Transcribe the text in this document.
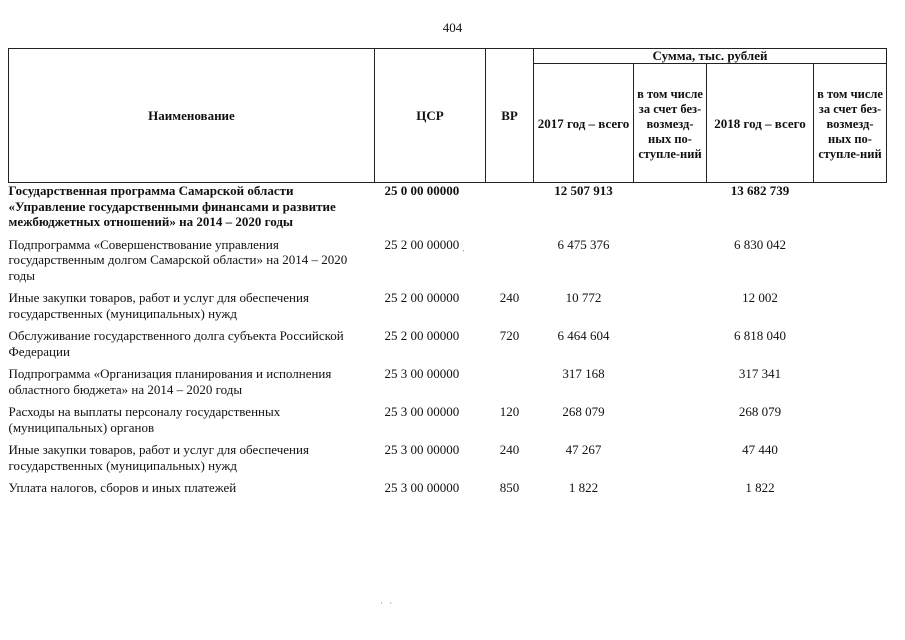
404
Наименование	ЦСР	ВР	Сумма, тыс. рублей			
			2017 год – всего	в том числе за счет без-возмезд-ных по-ступле-ний	2018 год – всего	в том числе за счет без-возмезд-ных по-ступле-ний
Государственная программа Самарской области «Управление государственными финансами и развитие межбюджетных отношений» на 2014 – 2020 годы	25 0 00 00000		12 507 913		13 682 739	

Подпрограмма «Совершенствование управления государственным долгом Самарской области» на 2014 – 2020 годы	25 2 00 00000		6 475 376		6 830 042	

Иные закупки товаров, работ и услуг для обеспечения государственных (муниципальных) нужд	25 2 00 00000	240	10 772		12 002	

Обслуживание государственного долга субъекта Российской Федерации	25 2 00 00000	720	6 464 604		6 818 040	

Подпрограмма «Организация планирования и исполнения областного бюджета» на 2014 – 2020 годы	25 3 00 00000		317 168		317 341	

Расходы на выплаты персоналу государственных (муниципальных) органов	25 3 00 00000	120	268 079		268 079	

Иные закупки товаров, работ и услуг для обеспечения государственных (муниципальных) нужд	25 3 00 00000	240	47 267		47 440	

Уплата налогов, сборов и иных платежей	25 3 00 00000	850	1 822		1 822	
·
· ·
